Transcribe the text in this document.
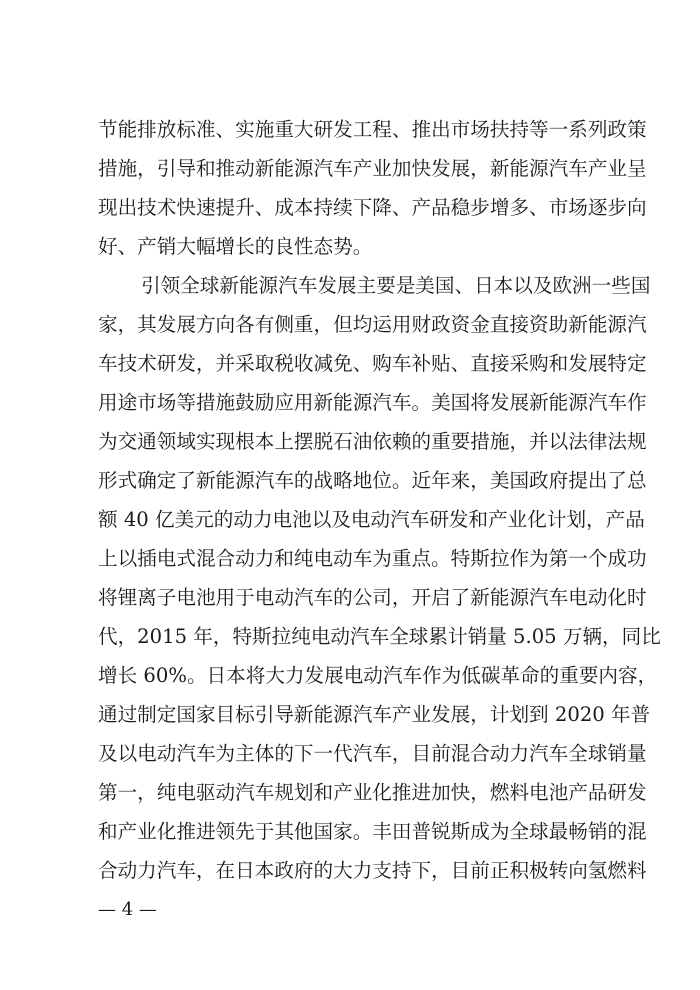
节能排放标准、实施重大研发工程、推出市场扶持等一系列政策
措施，引导和推动新能源汽车产业加快发展，新能源汽车产业呈
现出技术快速提升、成本持续下降、产品稳步增多、市场逐步向
好、产销大幅增长的良性态势。
引领全球新能源汽车发展主要是美国、日本以及欧洲一些国
家，其发展方向各有侧重，但均运用财政资金直接资助新能源汽
车技术研发，并采取税收减免、购车补贴、直接采购和发展特定
用途市场等措施鼓励应用新能源汽车。美国将发展新能源汽车作
为交通领域实现根本上摆脱石油依赖的重要措施，并以法律法规
形式确定了新能源汽车的战略地位。近年来，美国政府提出了总
额 40 亿美元的动力电池以及电动汽车研发和产业化计划，产品
上以插电式混合动力和纯电动车为重点。特斯拉作为第一个成功
将锂离子电池用于电动汽车的公司，开启了新能源汽车电动化时
代，2015 年，特斯拉纯电动汽车全球累计销量 5.05 万辆，同比
增长 60%。日本将大力发展电动汽车作为低碳革命的重要内容，
通过制定国家目标引导新能源汽车产业发展，计划到 2020 年普
及以电动汽车为主体的下一代汽车，目前混合动力汽车全球销量
第一，纯电驱动汽车规划和产业化推进加快，燃料电池产品研发
和产业化推进领先于其他国家。丰田普锐斯成为全球最畅销的混
合动力汽车，在日本政府的大力支持下，目前正积极转向氢燃料
— 4 —
